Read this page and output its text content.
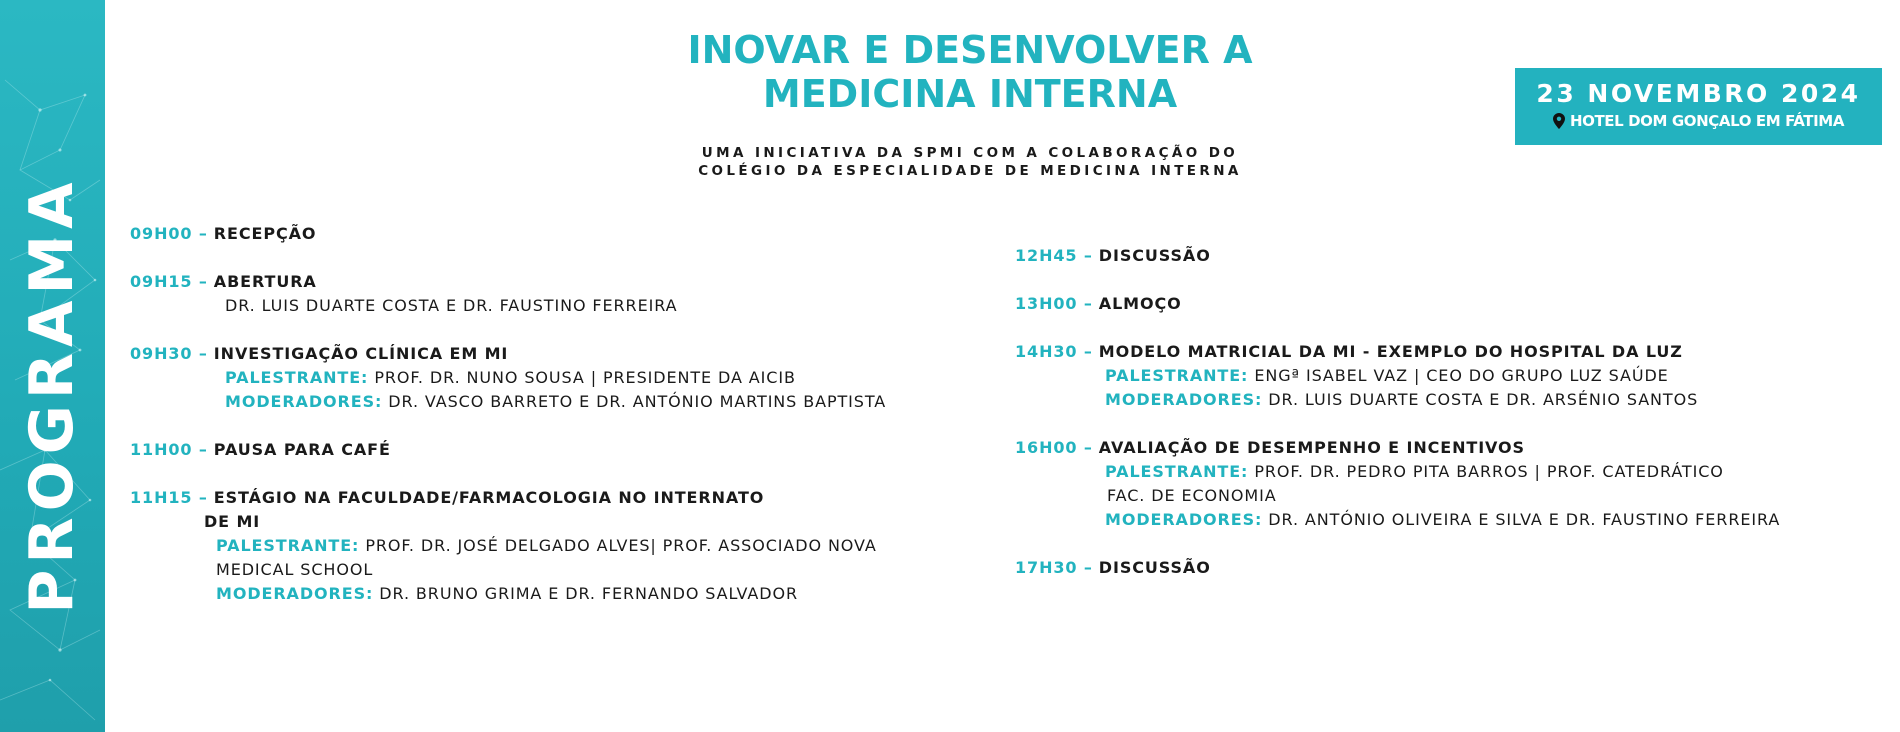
PROGRAMA
INOVAR E DESENVOLVER A
MEDICINA INTERNA
UMA INICIATIVA DA SPMI COM A COLABORAÇÃO DO
COLÉGIO DA ESPECIALIDADE DE MEDICINA INTERNA
23 NOVEMBRO 2024
HOTEL DOM GONÇALO EM FÁTIMA
09H00 – RECEPÇÃO
09H15 – ABERTURA
DR. LUIS DUARTE COSTA E DR. FAUSTINO FERREIRA
09H30 – INVESTIGAÇÃO CLÍNICA EM MI
PALESTRANTE: PROF. DR. NUNO SOUSA | PRESIDENTE DA AICIB
MODERADORES: DR. VASCO BARRETO E DR. ANTÓNIO MARTINS BAPTISTA
11H00 – PAUSA PARA CAFÉ
11H15 – ESTÁGIO NA FACULDADE/FARMACOLOGIA NO INTERNATO
DE MI
PALESTRANTE: PROF. DR. JOSÉ DELGADO ALVES| PROF. ASSOCIADO NOVA
MEDICAL SCHOOL
MODERADORES: DR. BRUNO GRIMA E DR. FERNANDO SALVADOR
12H45 – DISCUSSÃO
13H00 – ALMOÇO
14H30 – MODELO MATRICIAL DA MI - EXEMPLO DO HOSPITAL DA LUZ
PALESTRANTE: ENGª ISABEL VAZ | CEO DO GRUPO LUZ SAÚDE
MODERADORES: DR. LUIS DUARTE COSTA E DR. ARSÉNIO SANTOS
16H00 – AVALIAÇÃO DE DESEMPENHO E INCENTIVOS
PALESTRANTE: PROF. DR. PEDRO PITA BARROS | PROF. CATEDRÁTICO
FAC. DE ECONOMIA
MODERADORES: DR. ANTÓNIO OLIVEIRA E SILVA E DR. FAUSTINO FERREIRA
17H30 – DISCUSSÃO
